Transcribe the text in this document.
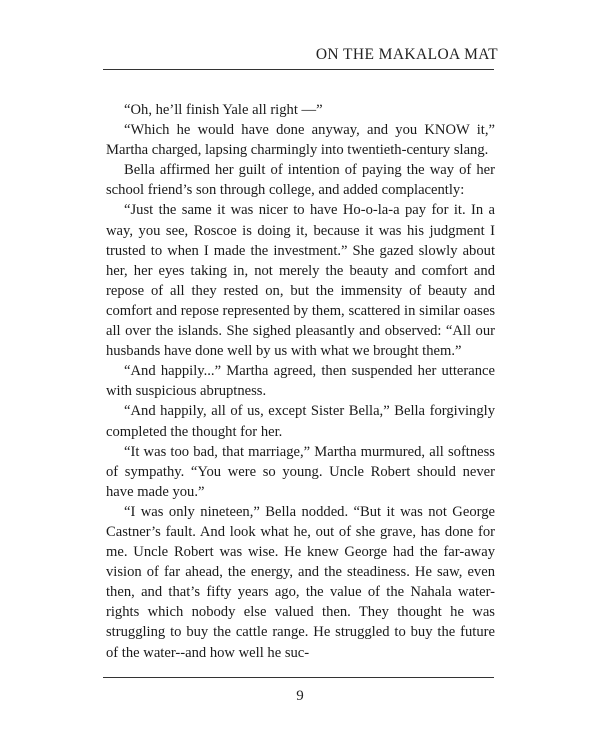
ON THE MAKALOA MAT

“Oh, he’ll finish Yale all right —”

“Which he would have done anyway, and you KNOW it,” Martha charged, lapsing charmingly into twentieth-century slang.

Bella affirmed her guilt of intention of paying the way of her school friend’s son through college, and added complacently:

“Just the same it was nicer to have Ho-o-la-a pay for it. In a way, you see, Roscoe is doing it, because it was his judgment I trusted to when I made the investment.” She gazed slowly about her, her eyes taking in, not merely the beauty and comfort and repose of all they rested on, but the immensity of beauty and comfort and repose represented by them, scattered in similar oases all over the islands. She sighed pleasantly and observed: “All our husbands have done well by us with what we brought them.”

“And happily...” Martha agreed, then suspended her utterance with suspicious abruptness.

“And happily, all of us, except Sister Bella,” Bella forgivingly completed the thought for her.

“It was too bad, that marriage,” Martha murmured, all softness of sympathy. “You were so young. Uncle Robert should never have made you.”

“I was only nineteen,” Bella nodded. “But it was not George Castner’s fault. And look what he, out of she grave, has done for me. Uncle Robert was wise. He knew George had the far-away vision of far ahead, the energy, and the steadiness. He saw, even then, and that’s fifty years ago, the value of the Nahala water-rights which nobody else valued then. They thought he was struggling to buy the cattle range. He struggled to buy the future of the water--and how well he suc-

9
